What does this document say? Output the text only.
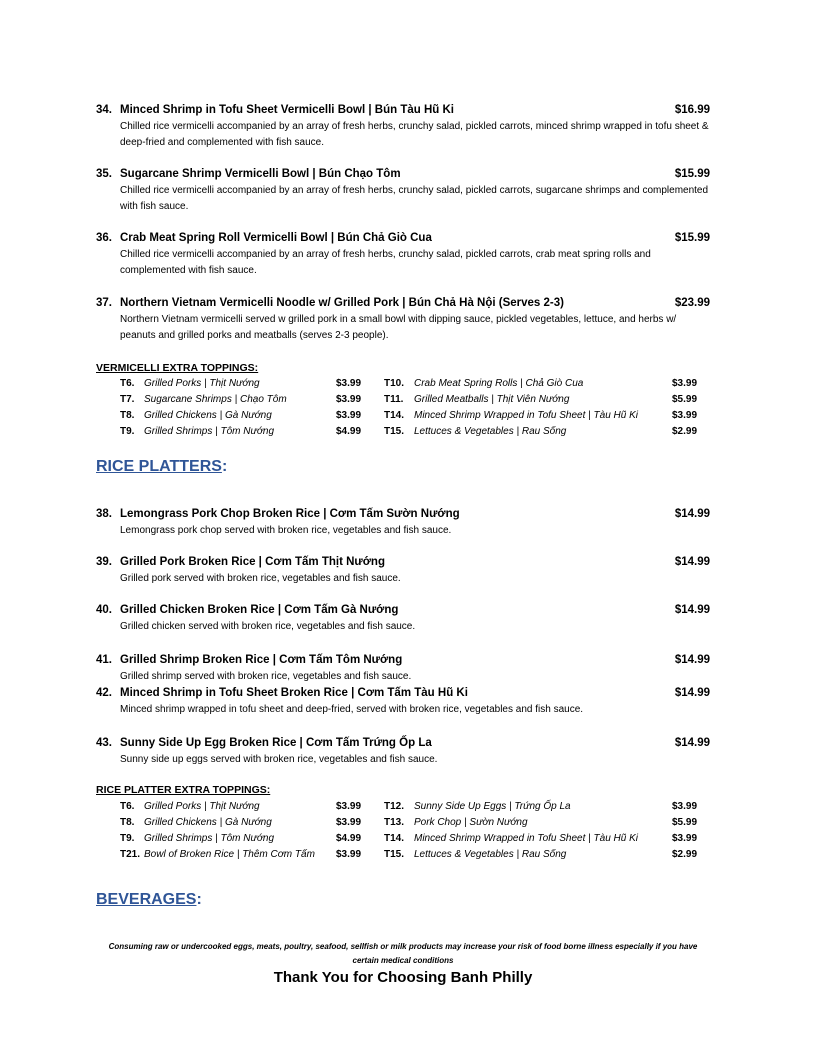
34. Minced Shrimp in Tofu Sheet Vermicelli Bowl | Bún Tàu Hũ Ki	$16.99
Chilled rice vermicelli accompanied by an array of fresh herbs, crunchy salad, pickled carrots, minced shrimp wrapped in tofu sheet & deep-fried and complemented with fish sauce.
35. Sugarcane Shrimp Vermicelli Bowl | Bún Chạo Tôm	$15.99
Chilled rice vermicelli accompanied by an array of fresh herbs, crunchy salad, pickled carrots, sugarcane shrimps and complemented with fish sauce.
36. Crab Meat Spring Roll Vermicelli Bowl | Bún Chả Giò Cua	$15.99
Chilled rice vermicelli accompanied by an array of fresh herbs, crunchy salad, pickled carrots, crab meat spring rolls and complemented with fish sauce.
37. Northern Vietnam Vermicelli Noodle w/ Grilled Pork | Bún Chả Hà Nội (Serves 2-3)	$23.99
Northern Vietnam vermicelli served w grilled pork in a small bowl with dipping sauce, pickled vegetables, lettuce, and herbs w/ peanuts and grilled porks and meatballs (serves 2-3 people).
VERMICELLI EXTRA TOPPINGS:
T6. Grilled Porks | Thịt Nướng	$3.99 T10. Crab Meat Spring Rolls | Chả Giò Cua	$3.99
T7. Sugarcane Shrimps | Chạo Tôm	$3.99 T11. Grilled Meatballs | Thịt Viên Nướng	$5.99
T8. Grilled Chickens | Gà Nướng	$3.99 T14. Minced Shrimp Wrapped in Tofu Sheet | Tàu Hũ Ki	$3.99
T9. Grilled Shrimps | Tôm Nướng	$4.99 T15. Lettuces & Vegetables | Rau Sống	$2.99
RICE PLATTERS:
38. Lemongrass Pork Chop Broken Rice | Cơm Tấm Sườn Nướng	$14.99
Lemongrass pork chop served with broken rice, vegetables and fish sauce.
39. Grilled Pork Broken Rice | Cơm Tấm Thịt Nướng	$14.99
Grilled pork served with broken rice, vegetables and fish sauce.
40. Grilled Chicken Broken Rice | Cơm Tấm Gà Nướng	$14.99
Grilled chicken served with broken rice, vegetables and fish sauce.
41. Grilled Shrimp Broken Rice | Cơm Tấm Tôm Nướng	$14.99
Grilled shrimp served with broken rice, vegetables and fish sauce.
42. Minced Shrimp in Tofu Sheet Broken Rice | Cơm Tấm Tàu Hũ Ki	$14.99
Minced shrimp wrapped in tofu sheet and deep-fried, served with broken rice, vegetables and fish sauce.
43. Sunny Side Up Egg Broken Rice | Cơm Tấm Trứng Ốp La	$14.99
Sunny side up eggs served with broken rice, vegetables and fish sauce.
RICE PLATTER EXTRA TOPPINGS:
T6. Grilled Porks | Thịt Nướng	$3.99 T12. Sunny Side Up Eggs | Trứng Ốp La	$3.99
T8. Grilled Chickens | Gà Nướng	$3.99 T13. Pork Chop | Sườn Nướng	$5.99
T9. Grilled Shrimps | Tôm Nướng	$4.99 T14. Minced Shrimp Wrapped in Tofu Sheet | Tàu Hũ Ki	$3.99
T21. Bowl of Broken Rice | Thêm Cơm Tấm $3.99 T15. Lettuces & Vegetables | Rau Sống	$2.99
BEVERAGES:
Consuming raw or undercooked eggs, meats, poultry, seafood, sellfish or milk products may increase your risk of food borne illness especially if you have certain medical conditions
Thank You for Choosing Banh Philly
